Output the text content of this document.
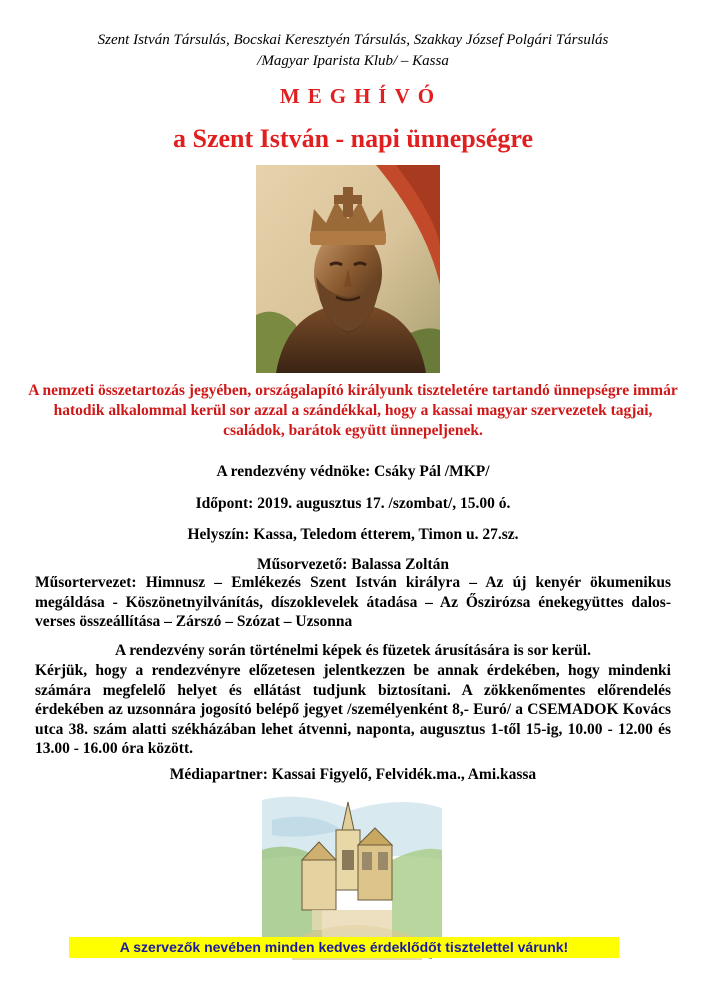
Szent István Társulás, Bocskai Keresztyén Társulás, Szakkay József Polgári Társulás
/Magyar Iparista Klub/ – Kassa
MEGHÍVÓ
a Szent István - napi ünnepségre
A nemzeti összetartozás jegyében, országalapító királyunk tiszteletére tartandó ünnepségre immár hatodik alkalommal kerül sor azzal a szándékkal, hogy a kassai magyar szervezetek tagjai, családok, barátok együtt ünnepeljenek.
A rendezvény védnöke: Csáky Pál /MKP/
Időpont: 2019. augusztus 17. /szombat/, 15.00 ó.
Helyszín: Kassa, Teledom étterem, Timon u. 27.sz.
Műsorvezető: Balassa Zoltán
Műsortervezet: Himnusz – Emlékezés Szent István királyra – Az új kenyér ökumenikus megáldása - Köszönetnyilvánítás, díszoklevelek átadása – Az Őszirózsa énekegyüttes dalos-verses összeállítása – Zárszó – Szózat – Uzsonna
A rendezvény során történelmi képek és füzetek árusítására is sor kerül.
Kérjük, hogy a rendezvényre előzetesen jelentkezzen be annak érdekében, hogy mindenki számára megfelelő helyet és ellátást tudjunk biztosítani. A zökkenőmentes előrendelés érdekében az uzsonnára jogosító belépő jegyet /személyenként 8,- Euró/ a CSEMADOK Kovács utca 38. szám alatti székházában lehet átvenni, naponta, augusztus 1-től 15-ig, 10.00 - 12.00 és 13.00 - 16.00 óra között.
Médiapartner: Kassai Figyelő, Felvidék.ma., Ami.kassa
A szervezők nevében minden kedves érdeklődőt tisztelettel várunk!
